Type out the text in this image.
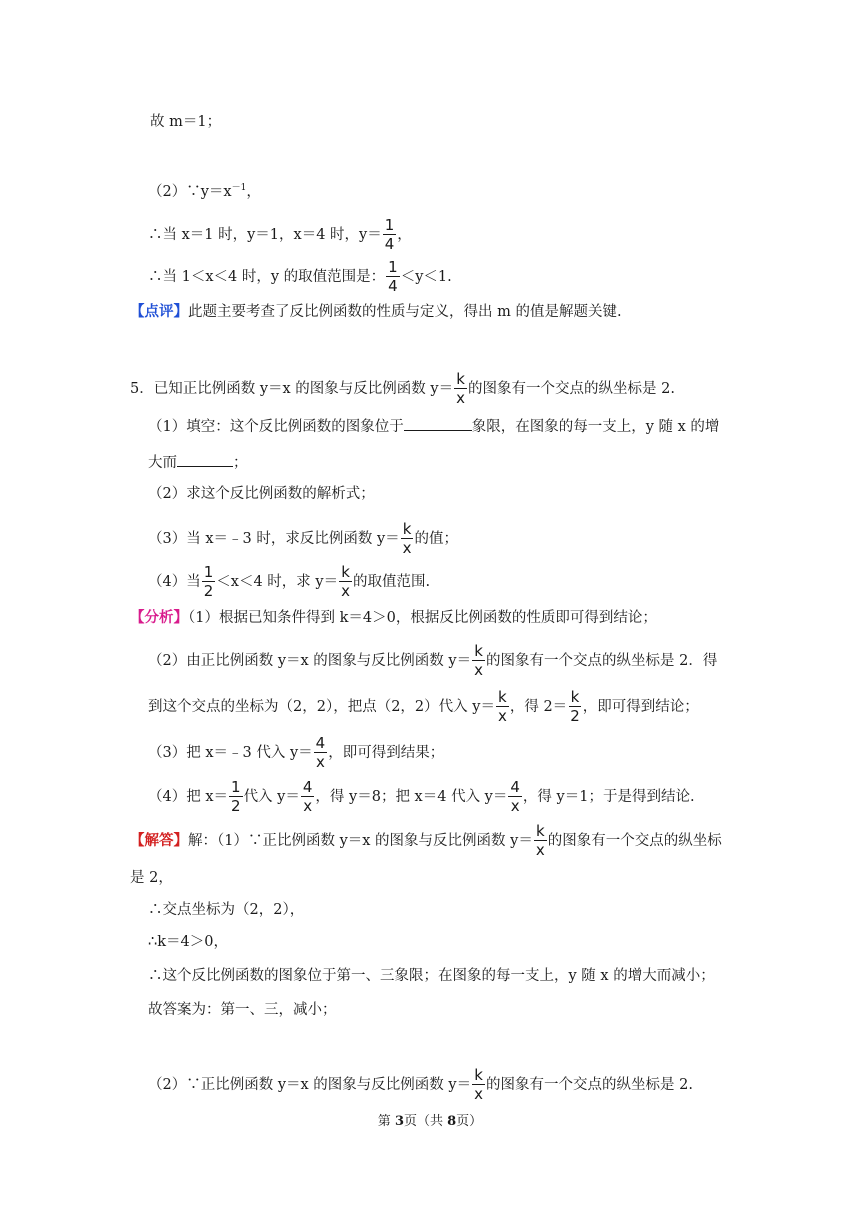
故 m＝1；
$(2)\because y=x^{-1}$，
∴当 x＝1 时，y＝1，x＝4 时，$y= \frac{1}{4}$ ，
∴当 1＜x＜4 时，y 的取值范围是： $\frac{1}{4} <y<1$.
【点评】此题主要考查了反比例函数的性质与定义，得出 m 的值是解题关键.
5．已知正比例函数 y＝x 的图象与反比例函数 $y= \frac{k}{x}$ 的图象有一个交点的纵坐标是 2.
（1）填空：这个反比例函数的图象位于	象限，在图象的每一支上，y 随 x 的增
大而	；
（2）求这个反比例函数的解析式；
（3）当 x＝﹣3 时，求反比例函数 $y= \frac{k}{x}$ 的值；
（4）当 $\frac{1}{2} <x<4$ 时，求 $y= \frac{k}{x}$ 的取值范围.
【分析】（1）根据已知条件得到 k＝4＞0，根据反比例函数的性质即可得到结论；
（2）由正比例函数 y＝x 的图象与反比例函数 $y= \frac{k}{x}$ 的图象有一个交点的纵坐标是 2．得
到这个交点的坐标为（2，2），把点（2，2）代入 $y= \frac{k}{x}$ ，得 $2= \frac{k}{2}$ ，即可得到结论；
（3）把 x＝﹣3 代入 $y= \frac{4}{x}$ ，即可得到结果；
（4）把 $x= \frac{1}{2}$ 代入 $y= \frac{4}{x}$ ，得 y＝8；把 x＝4 代入 $y= \frac{4}{x}$ ，得 y＝1；于是得到结论.
【解答】解：（1）∵正比例函数 y＝x 的图象与反比例函数 $y= \frac{k}{x}$ 的图象有一个交点的纵坐标
是 2，
∴交点坐标为（2，2），
∴k＝4＞0，
∴这个反比例函数的图象位于第一、三象限；在图象的每一支上，y 随 x 的增大而减小；
故答案为：第一、三，减小；
（2）∵正比例函数 y＝x 的图象与反比例函数 $y= \frac{k}{x}$ 的图象有一个交点的纵坐标是 2.
第 3页（共 8页）
